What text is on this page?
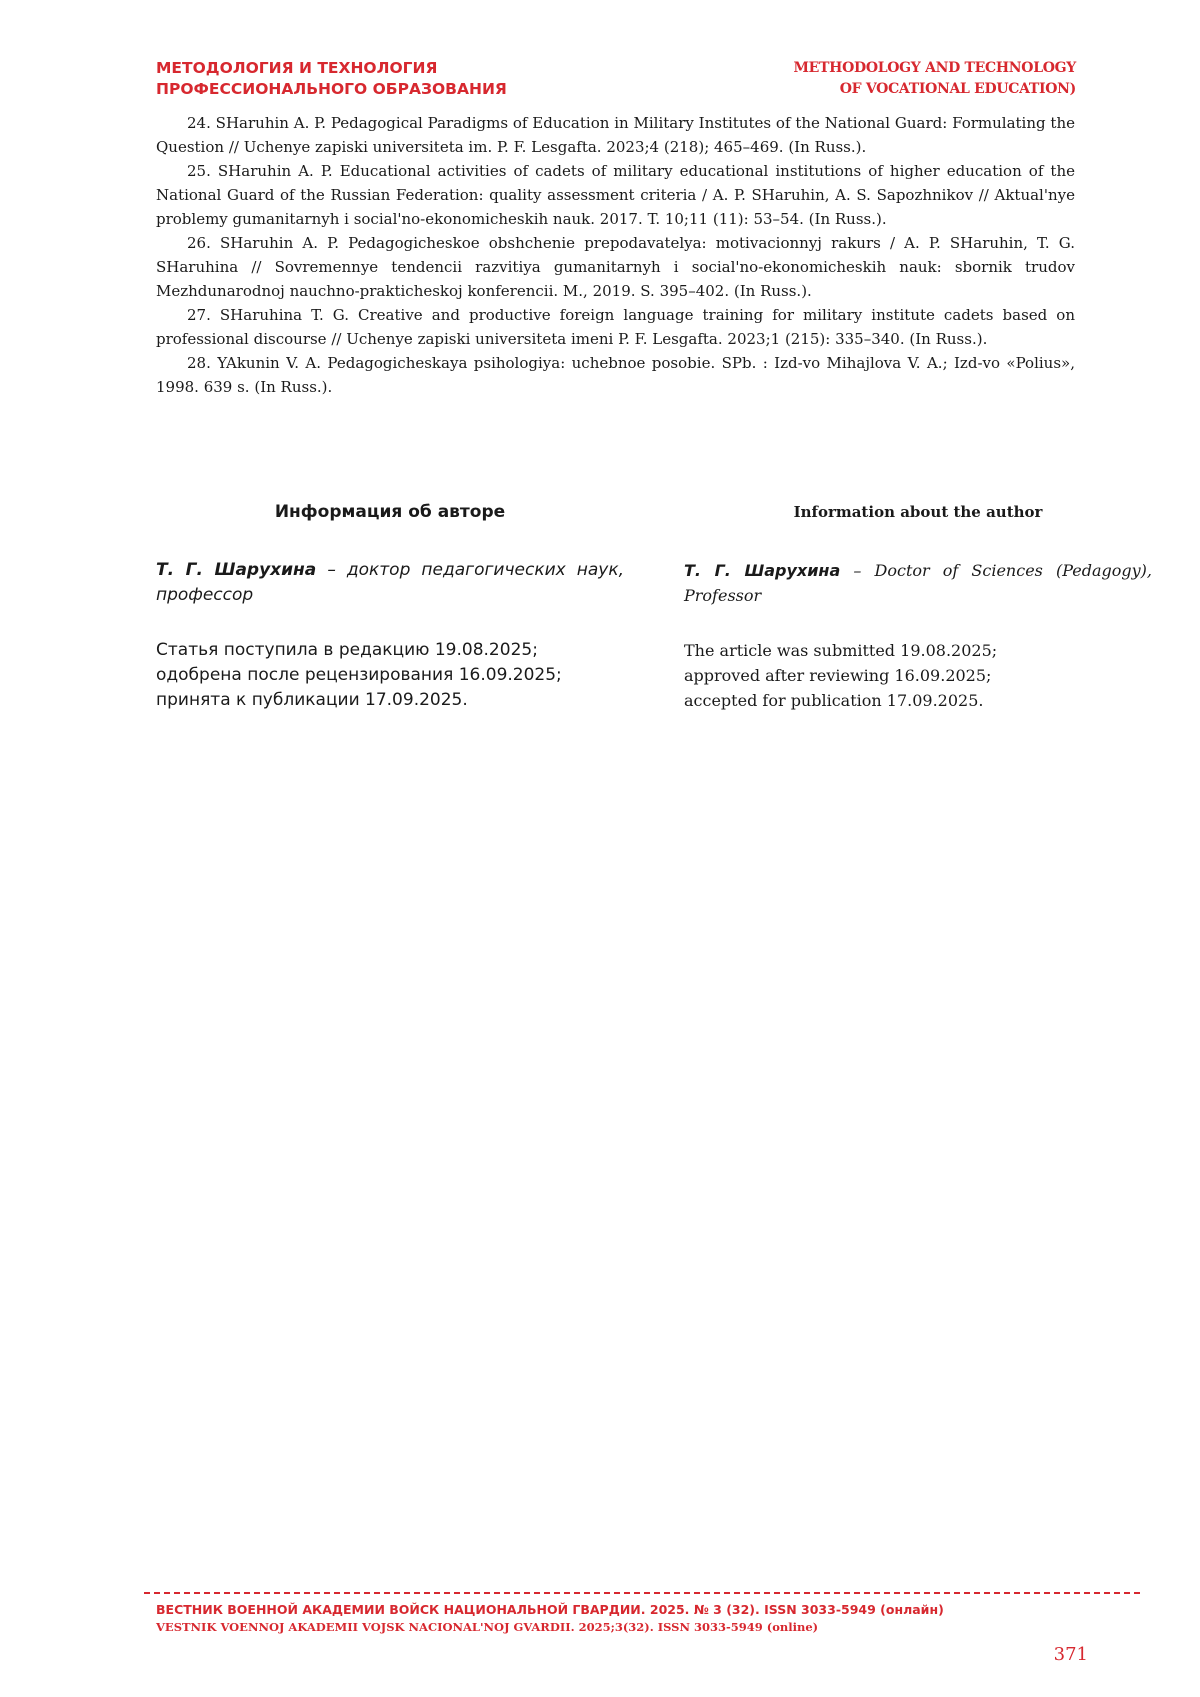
МЕТОДОЛОГИЯ И ТЕХНОЛОГИЯ
ПРОФЕССИОНАЛЬНОГО ОБРАЗОВАНИЯ
METHODOLOGY AND TECHNOLOGY
OF VOCATIONAL EDUCATION)

24. SHaruhin A. P. Pedagogical Paradigms of Education in Military Institutes of the National Guard: Formulating the Question // Uchenye zapiski universiteta im. P. F. Lesgafta. 2023;4 (218); 465–469. (In Russ.).

25. SHaruhin A. P. Educational activities of cadets of military educational institutions of higher education of the National Guard of the Russian Federation: quality assessment criteria / A. P. SHaruhin, A. S. Sapozhnikov // Aktual'nye problemy gumanitarnyh i social'no-ekonomicheskih nauk. 2017. T. 10;11 (11): 53–54. (In Russ.).

26. SHaruhin A. P. Pedagogicheskoe obshchenie prepodavatelya: motivacionnyj rakurs / A. P. SHaruhin, T. G. SHaruhina // Sovremennye tendencii razvitiya gumanitarnyh i social'no-ekonomicheskih nauk: sbornik trudov Mezhdunarodnoj nauchno-prakticheskoj konferencii. M., 2019. S. 395–402. (In Russ.).

27. SHaruhina T. G. Creative and productive foreign language training for military institute cadets based on professional discourse // Uchenye zapiski universiteta imeni P. F. Lesgafta. 2023;1 (215): 335–340. (In Russ.).

28. YAkunin V. A. Pedagogicheskaya psihologiya: uchebnoe posobie. SPb. : Izd-vo Mihajlova V. A.; Izd-vo «Polius», 1998. 639 s. (In Russ.).

Информация об авторе

Т. Г. Шарухина – доктор педагогических наук, профессор

Статья поступила в редакцию 19.08.2025;
одобрена после рецензирования 16.09.2025;
принята к публикации 17.09.2025.

Information about the author

Т. Г. Шарухина – Doctor of Sciences (Pedagogy), Professor

The article was submitted 19.08.2025;
approved after reviewing 16.09.2025;
accepted for publication 17.09.2025.

ВЕСТНИК ВОЕННОЙ АКАДЕМИИ ВОЙСК НАЦИОНАЛЬНОЙ ГВАРДИИ. 2025. № 3 (32). ISSN 3033-5949 (онлайн)
VESTNIK VOENNOJ AKADEMII VOJSK NACIONAL'NOJ GVARDII. 2025;3(32). ISSN 3033-5949 (online)
371
